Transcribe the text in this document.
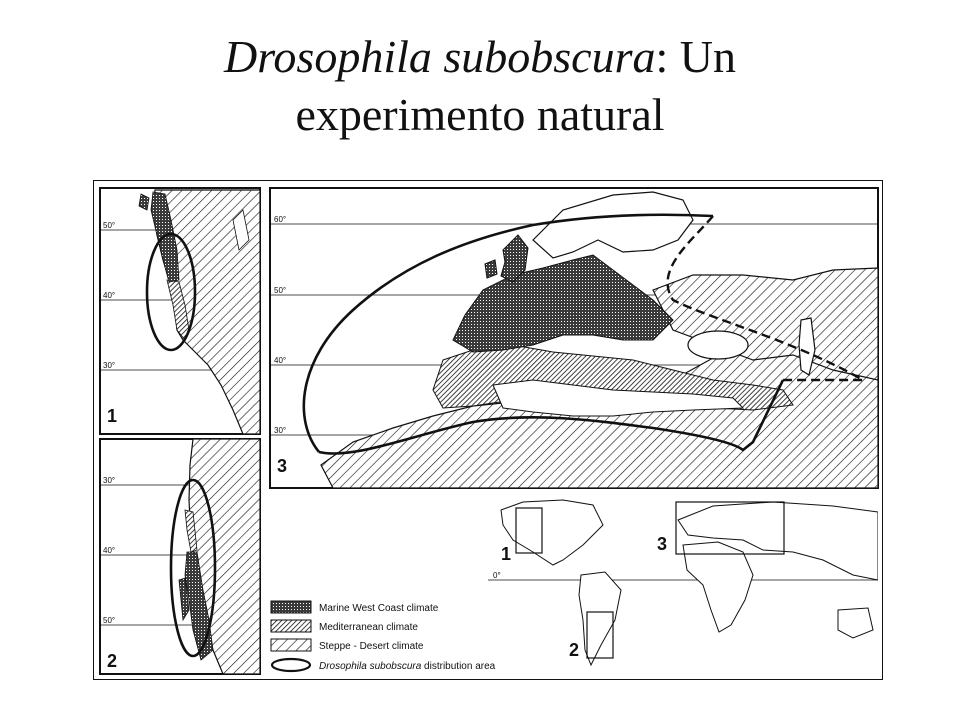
Drosophila subobscura: Un
experimento natural
50°
40°
30°
1
30°
40°
50°
2
60°
50°
40°
30°
3
1	3
2
0°
Marine West Coast climate
Mediterranean climate
Steppe - Desert climate
Drosophila subobscura distribution area
